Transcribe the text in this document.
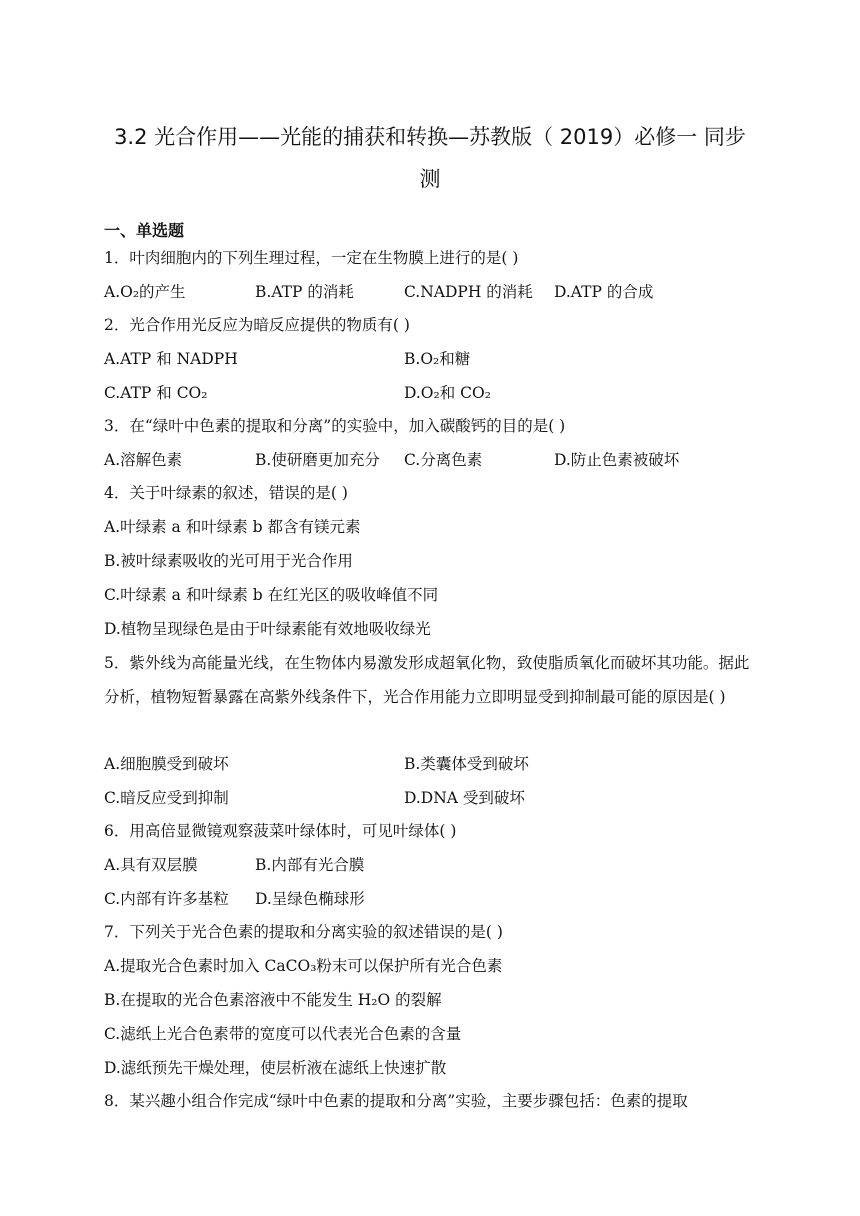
3.2 光合作用——光能的捕获和转换—苏教版（ 2019）必修一 同步
测
一、单选题
1．叶肉细胞内的下列生理过程，一定在生物膜上进行的是( )
A.O₂的产生	B.ATP 的消耗	C.NADPH 的消耗 D.ATP 的合成
2．光合作用光反应为暗反应提供的物质有( )
A.ATP 和 NADPH	B.O₂和糖
C.ATP 和 CO₂	D.O₂和 CO₂
3．在“绿叶中色素的提取和分离”的实验中，加入碳酸钙的目的是( )
A.溶解色素	B.使研磨更加充分 C.分离色素	D.防止色素被破坏
4．关于叶绿素的叙述，错误的是( )
A.叶绿素 a 和叶绿素 b 都含有镁元素
B.被叶绿素吸收的光可用于光合作用
C.叶绿素 a 和叶绿素 b 在红光区的吸收峰值不同
D.植物呈现绿色是由于叶绿素能有效地吸收绿光
5．紫外线为高能量光线，在生物体内易激发形成超氧化物，致使脂质氧化而破坏其功能。据此分析，植物短暂暴露在高紫外线条件下，光合作用能力立即明显受到抑制最可能的原因是( )
A.细胞膜受到破坏	B.类囊体受到破坏
C.暗反应受到抑制	D.DNA 受到破坏
6．用高倍显微镜观察菠菜叶绿体时，可见叶绿体( )
A.具有双层膜	B.内部有光合膜
C.内部有许多基粒 D.呈绿色椭球形
7．下列关于光合色素的提取和分离实验的叙述错误的是( )
A.提取光合色素时加入 CaCO₃粉末可以保护所有光合色素
B.在提取的光合色素溶液中不能发生 H₂O 的裂解
C.滤纸上光合色素带的宽度可以代表光合色素的含量
D.滤纸预先干燥处理，使层析液在滤纸上快速扩散
8．某兴趣小组合作完成“绿叶中色素的提取和分离”实验，主要步骤包括：色素的提取
